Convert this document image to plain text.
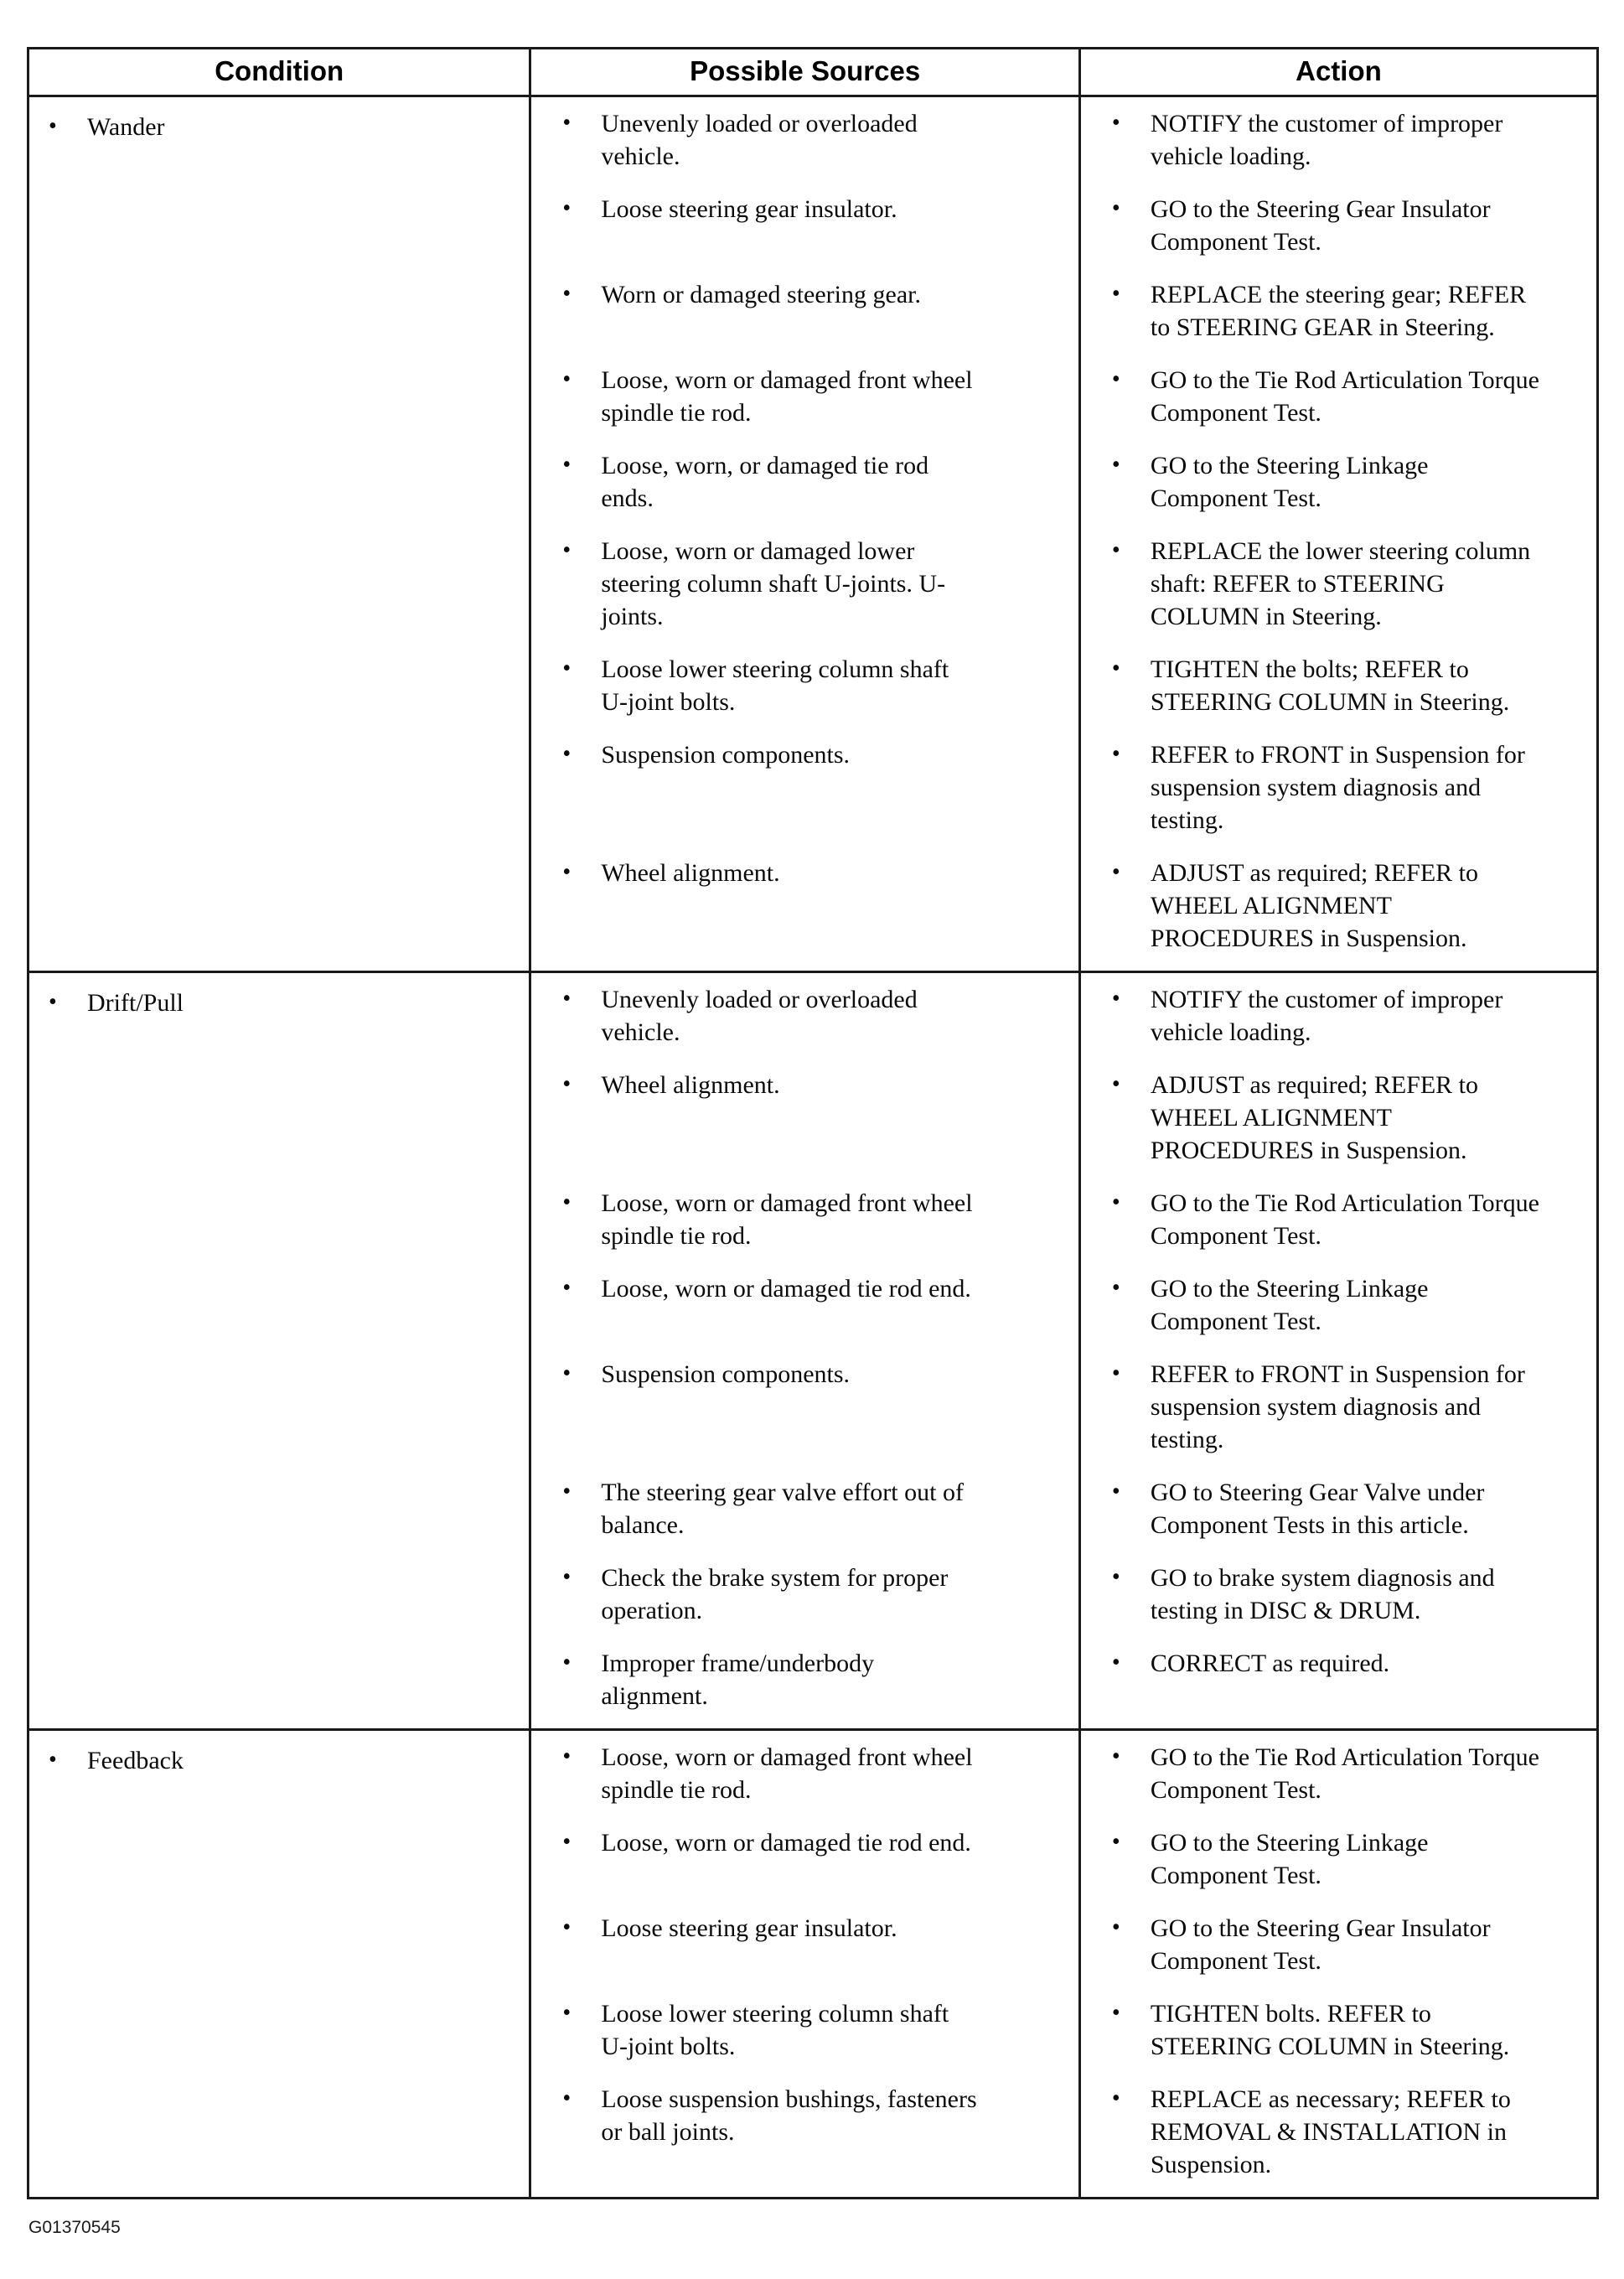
Condition	Possible Sources	Action

• Wander	• Unevenly loaded or overloaded vehicle.	• NOTIFY the customer of improper vehicle loading.

	• Loose steering gear insulator.	• GO to the Steering Gear Insulator Component Test.

	• Worn or damaged steering gear.	• REPLACE the steering gear; REFER to STEERING GEAR in Steering.

	• Loose, worn or damaged front wheel spindle tie rod.	• GO to the Tie Rod Articulation Torque Component Test.

	• Loose, worn, or damaged tie rod ends.	• GO to the Steering Linkage Component Test.

	• Loose, worn or damaged lower steering column shaft U-joints. U-joints.	• REPLACE the lower steering column shaft: REFER to STEERING COLUMN in Steering.

	• Loose lower steering column shaft U-joint bolts.	• TIGHTEN the bolts; REFER to STEERING COLUMN in Steering.

	• Suspension components.	• REFER to FRONT in Suspension for suspension system diagnosis and testing.

	• Wheel alignment.	• ADJUST as required; REFER to WHEEL ALIGNMENT PROCEDURES in Suspension.

• Drift/Pull	• Unevenly loaded or overloaded vehicle.	• NOTIFY the customer of improper vehicle loading.

	• Wheel alignment.	• ADJUST as required; REFER to WHEEL ALIGNMENT PROCEDURES in Suspension.

	• Loose, worn or damaged front wheel spindle tie rod.	• GO to the Tie Rod Articulation Torque Component Test.

	• Loose, worn or damaged tie rod end.	• GO to the Steering Linkage Component Test.

	• Suspension components.	• REFER to FRONT in Suspension for suspension system diagnosis and testing.

	• The steering gear valve effort out of balance.	• GO to Steering Gear Valve under Component Tests in this article.

	• Check the brake system for proper operation.	• GO to brake system diagnosis and testing in DISC & DRUM.

	• Improper frame/underbody alignment.	• CORRECT as required.

• Feedback	• Loose, worn or damaged front wheel spindle tie rod.	• GO to the Tie Rod Articulation Torque Component Test.

	• Loose, worn or damaged tie rod end.	• GO to the Steering Linkage Component Test.

	• Loose steering gear insulator.	• GO to the Steering Gear Insulator Component Test.

	• Loose lower steering column shaft U-joint bolts.	• TIGHTEN bolts. REFER to STEERING COLUMN in Steering.

	• Loose suspension bushings, fasteners or ball joints.	• REPLACE as necessary; REFER to REMOVAL & INSTALLATION in Suspension.
G01370545
